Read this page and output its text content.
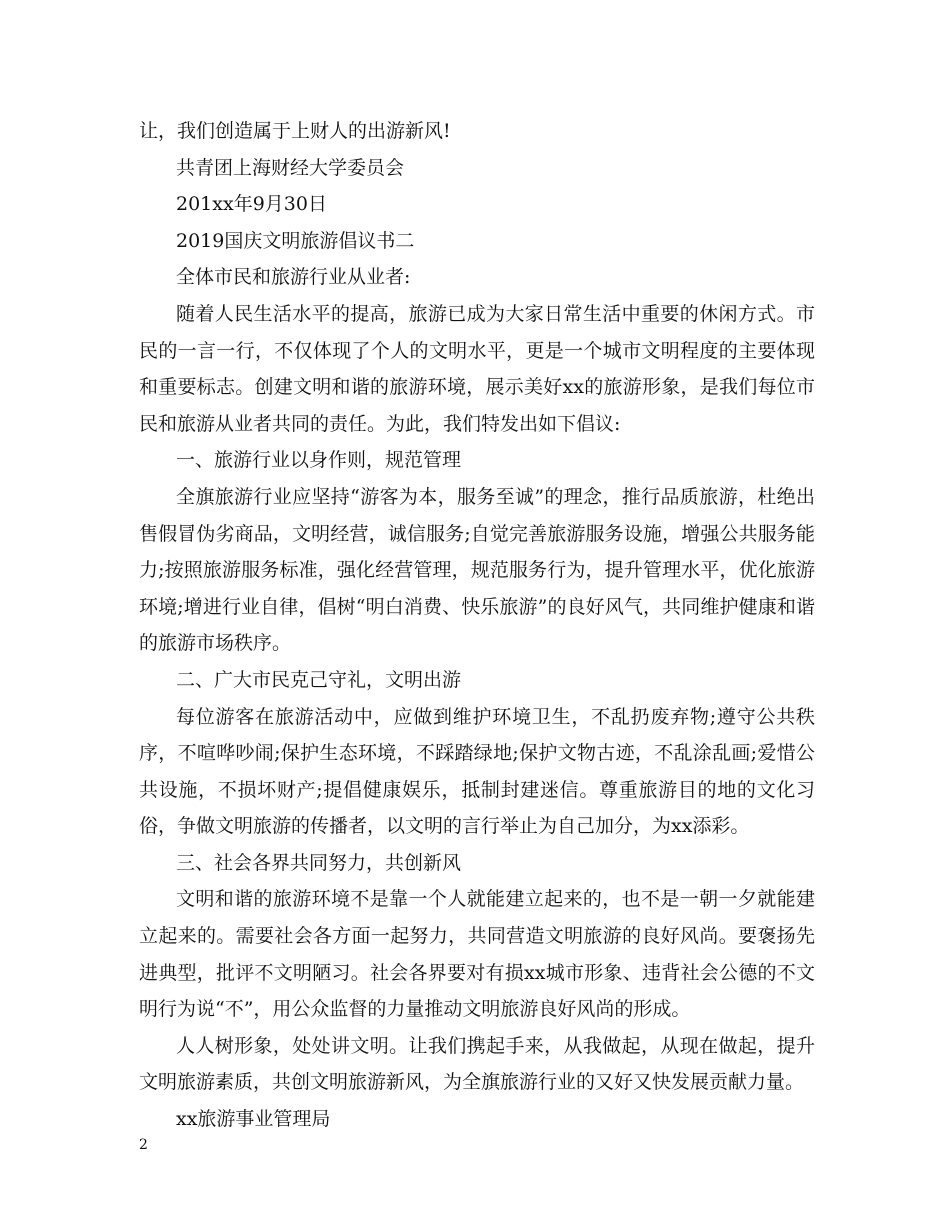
让，我们创造属于上财人的出游新风!

共青团上海财经大学委员会

201xx年9月30日

2019国庆文明旅游倡议书二

全体市民和旅游行业从业者:

随着人民生活水平的提高，旅游已成为大家日常生活中重要的休闲方式。市民的一言一行，不仅体现了个人的文明水平，更是一个城市文明程度的主要体现和重要标志。创建文明和谐的旅游环境，展示美好xx的旅游形象，是我们每位市民和旅游从业者共同的责任。为此，我们特发出如下倡议:

一、旅游行业以身作则，规范管理

全旗旅游行业应坚持“游客为本，服务至诚”的理念，推行品质旅游，杜绝出售假冒伪劣商品，文明经营，诚信服务;自觉完善旅游服务设施，增强公共服务能力;按照旅游服务标准，强化经营管理，规范服务行为，提升管理水平，优化旅游环境;增进行业自律，倡树“明白消费、快乐旅游”的良好风气，共同维护健康和谐的旅游市场秩序。

二、广大市民克己守礼，文明出游

每位游客在旅游活动中，应做到维护环境卫生，不乱扔废弃物;遵守公共秩序，不喧哗吵闹;保护生态环境，不踩踏绿地;保护文物古迹，不乱涂乱画;爱惜公共设施，不损坏财产;提倡健康娱乐，抵制封建迷信。尊重旅游目的地的文化习俗，争做文明旅游的传播者，以文明的言行举止为自己加分，为xx添彩。

三、社会各界共同努力，共创新风

文明和谐的旅游环境不是靠一个人就能建立起来的，也不是一朝一夕就能建立起来的。需要社会各方面一起努力，共同营造文明旅游的良好风尚。要褒扬先进典型，批评不文明陋习。社会各界要对有损xx城市形象、违背社会公德的不文明行为说“不”，用公众监督的力量推动文明旅游良好风尚的形成。

人人树形象，处处讲文明。让我们携起手来，从我做起，从现在做起，提升文明旅游素质，共创文明旅游新风，为全旗旅游行业的又好又快发展贡献力量。

xx旅游事业管理局

2
